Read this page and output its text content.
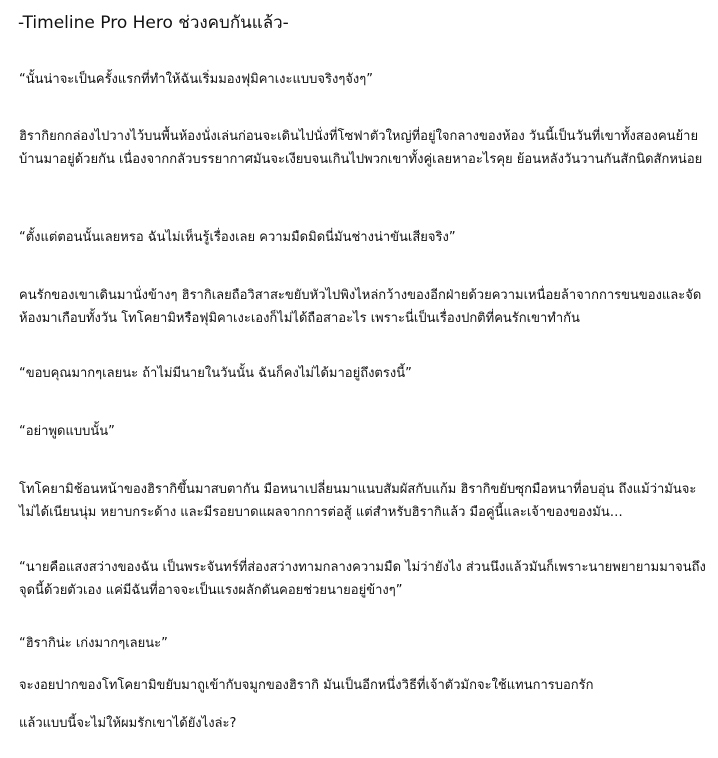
-Timeline Pro Hero ช่วงคบกันแล้ว-

“นั้นน่าจะเป็นครั้งแรกที่ทำให้ฉันเริ่มมองฟุมิคาเงะแบบจริงๆจังๆ”

ฮิรากิยกกล่องไปวางไว้บนพื้นห้องนั่งเล่นก่อนจะเดินไปนั่งที่โซฟาตัวใหญ่ที่อยู่ใจกลางของห้อง วันนี้เป็นวันที่เขาทั้งสองคนย้ายบ้านมาอยู่ด้วยกัน เนื่องจากกลัวบรรยากาศมันจะเงียบจนเกินไปพวกเขาทั้งคู่เลยหาอะไรคุย ย้อนหลังวันวานกันสักนิดสักหน่อย

“ตั้งแต่ตอนนั้นเลยหรอ ฉันไม่เห็นรู้เรื่องเลย ความมืดมิดนี่มันช่างน่าขันเสียจริง”

คนรักของเขาเดินมานั่งข้างๆ ฮิรากิเลยถือวิสาสะขยับหัวไปพิงไหล่กว้างของอีกฝ่ายด้วยความเหนื่อยล้าจากการขนของและจัดห้องมาเกือบทั้งวัน โทโคยามิหรือฟุมิคาเงะเองก็ไม่ได้ถือสาอะไร เพราะนี่เป็นเรื่องปกติที่คนรักเขาทำกัน

“ขอบคุณมากๆเลยนะ ถ้าไม่มีนายในวันนั้น ฉันก็คงไม่ได้มาอยู่ถึงตรงนี้”

“อย่าพูดแบบนั้น”

โทโคยามิช้อนหน้าของฮิรากิขึ้นมาสบตากัน มือหนาเปลี่ยนมาแนบสัมผัสกับแก้ม ฮิรากิขยับซุกมือหนาที่อบอุ่น ถึงแม้ว่ามันจะไม่ได้เนียนนุ่ม หยาบกระด้าง และมีรอยบาดแผลจากการต่อสู้ แต่สำหรับฮิรากิแล้ว มือคู่นี้และเจ้าของของมัน…

“นายคือแสงสว่างของฉัน เป็นพระจันทร์ที่ส่องสว่างทามกลางความมืด ไม่ว่ายังไง ส่วนนึงแล้วมันก็เพราะนายพยายามมาจนถึงจุดนี้ด้วยตัวเอง แค่มีฉันที่อาจจะเป็นแรงผลักดันคอยช่วยนายอยู่ข้างๆ”

“ฮิรากิน่ะ เก่งมากๆเลยนะ”

จะงอยปากของโทโคยามิขยับมาถูเข้ากับจมูกของฮิรากิ มันเป็นอีกหนึ่งวิธีที่เจ้าตัวมักจะใช้แทนการบอกรัก

แล้วแบบนี้จะไม่ให้ผมรักเขาได้ยังไงล่ะ?
